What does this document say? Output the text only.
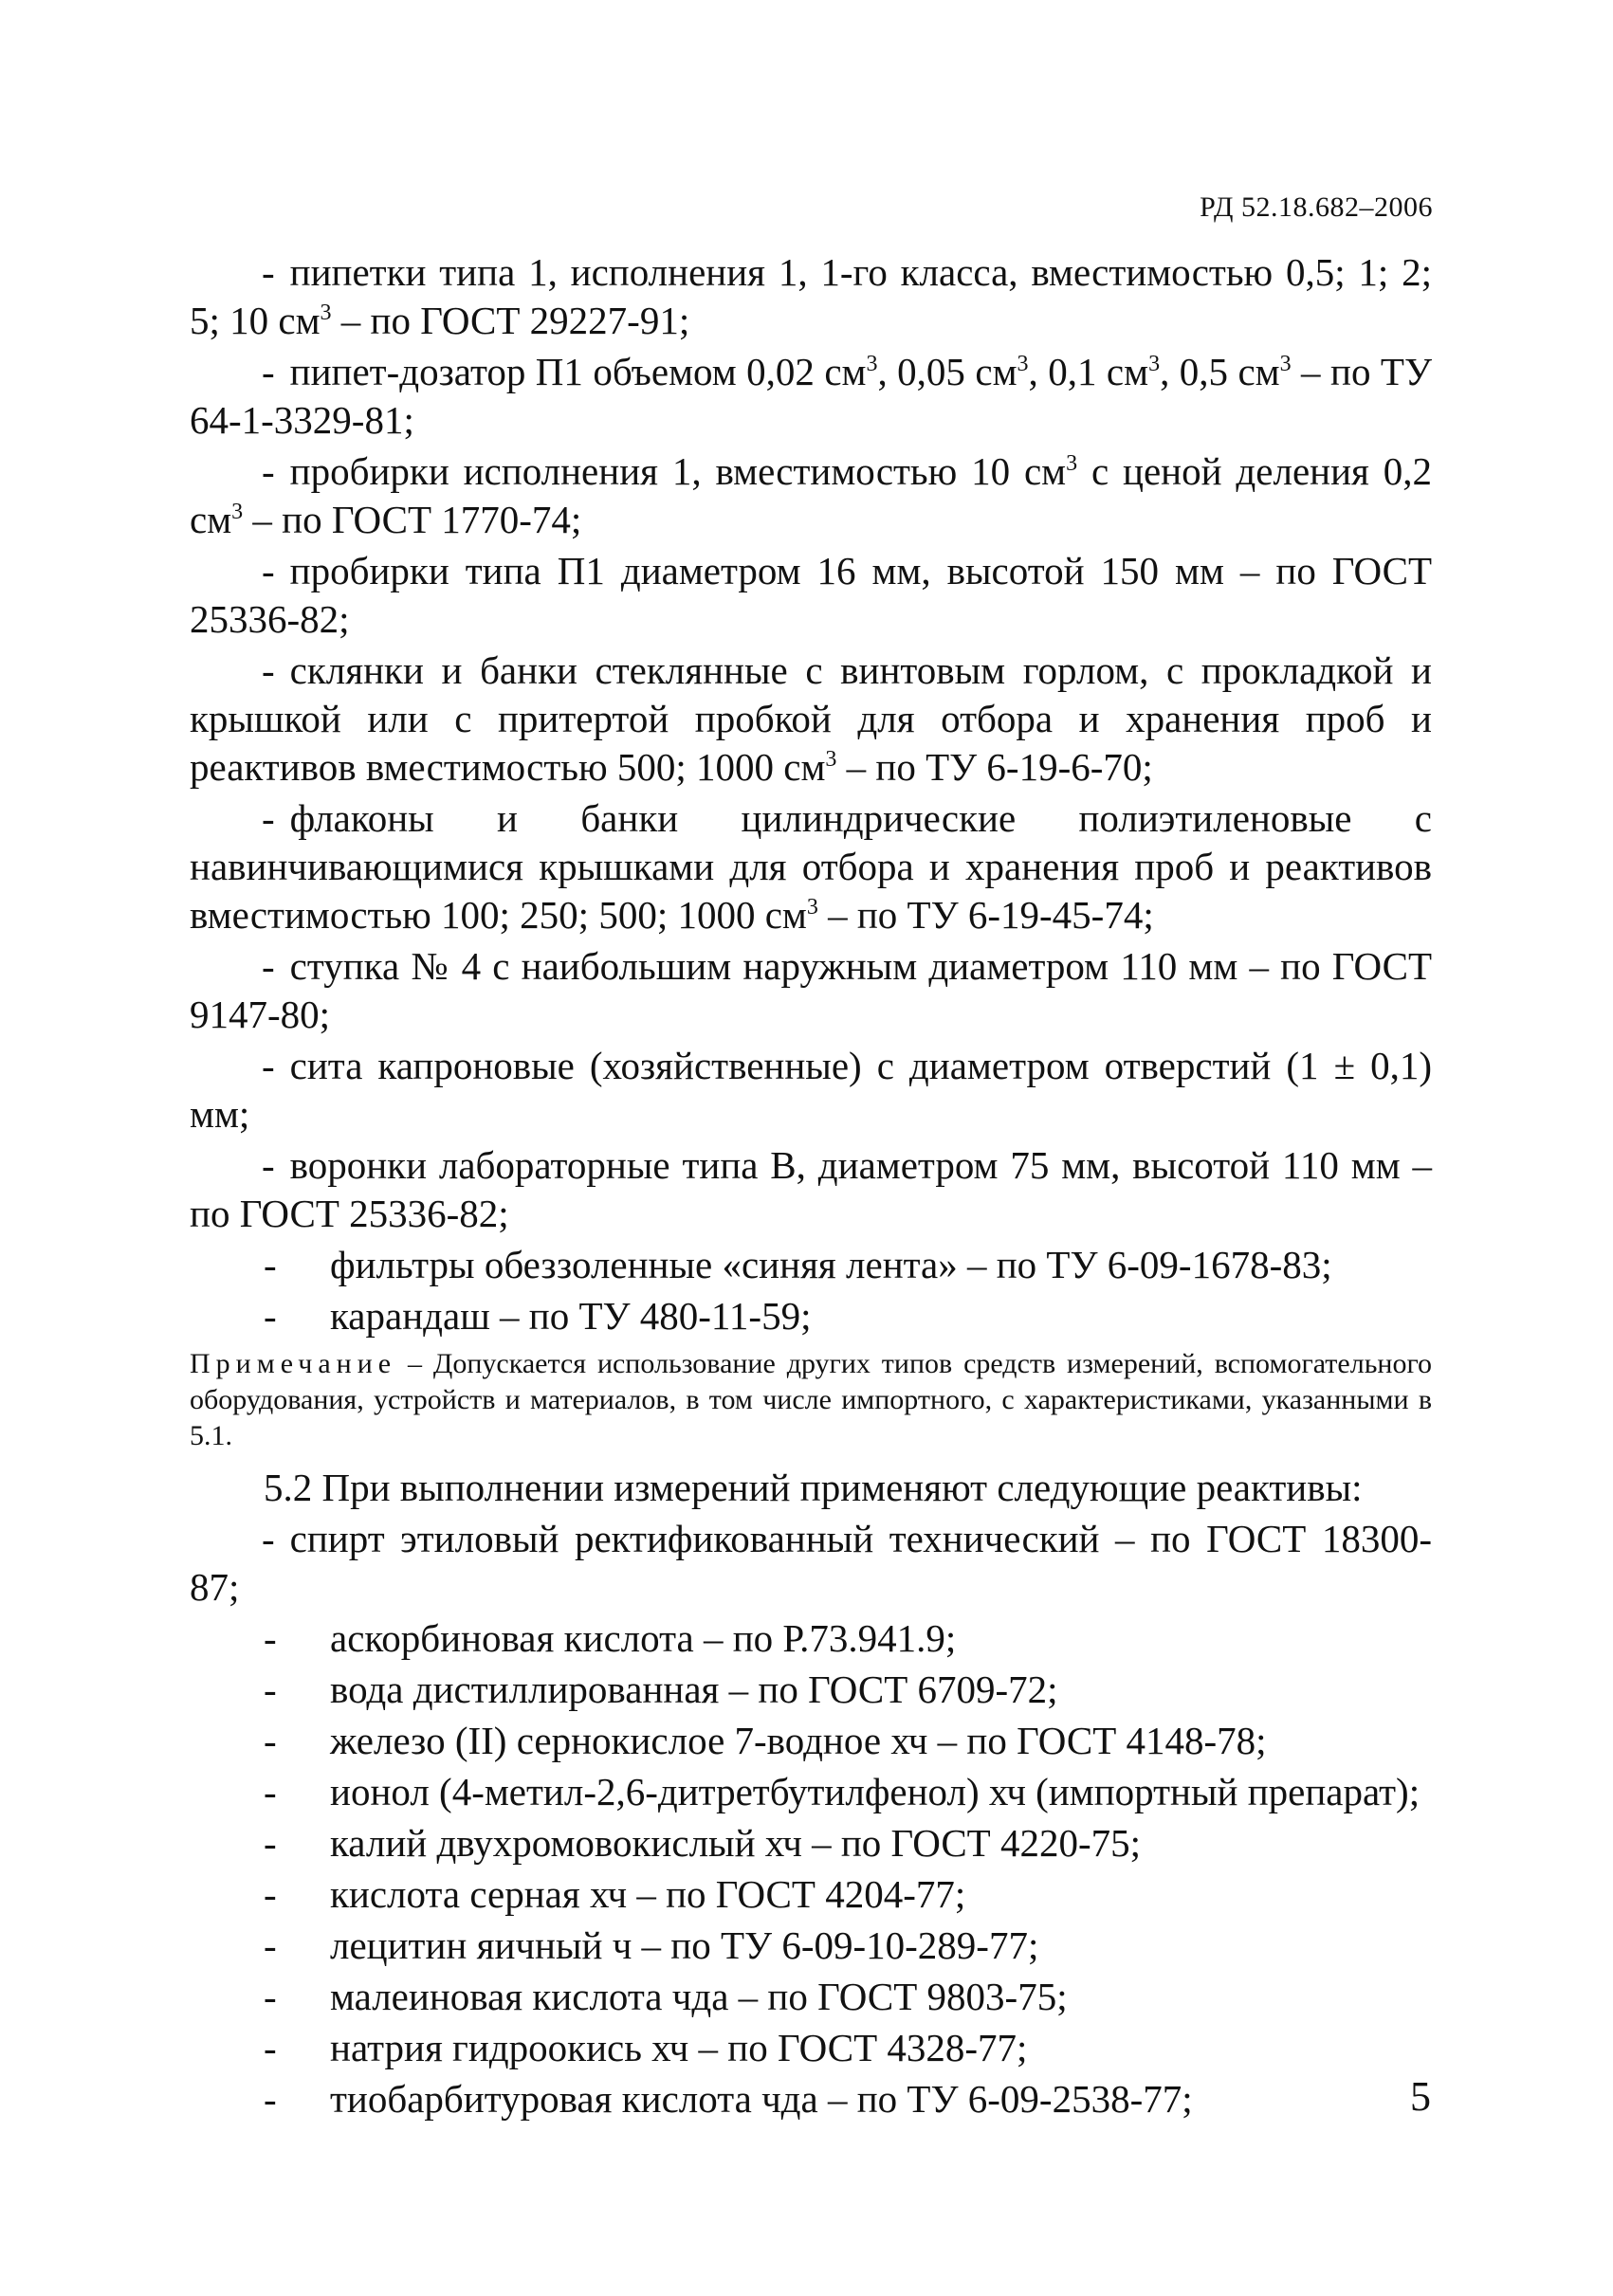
РД 52.18.682–2006
- пипетки типа 1, исполнения 1, 1-го класса, вместимостью 0,5; 1; 2; 5; 10 $см^3$ – по ГОСТ 29227-91;
- пипет-дозатор П1 объемом 0,02 $см^3$, 0,05 $см^3$, 0,1 $см^3$, 0,5 $см^3$ – по ТУ 64-1-3329-81;
- пробирки исполнения 1, вместимостью 10 $см^3$ с ценой деления 0,2 $см^3$ – по ГОСТ 1770-74;
- пробирки типа П1 диаметром 16 мм, высотой 150 мм – по ГОСТ 25336-82;
- склянки и банки стеклянные с винтовым горлом, с прокладкой и крышкой или с притертой пробкой для отбора и хранения проб и реактивов вместимостью 500; 1000 $см^3$ – по ТУ 6-19-6-70;
- флаконы и банки цилиндрические полиэтиленовые с навинчивающимися крышками для отбора и хранения проб и реактивов вместимостью 100; 250; 500; 1000 $см^3$ – по ТУ 6-19-45-74;
- ступка № 4 с наибольшим наружным диаметром 110 мм – по ГОСТ 9147-80;
- сита капроновые (хозяйственные) с диаметром отверстий (1 ± 0,1) мм;
- воронки лабораторные типа В, диаметром 75 мм, высотой 110 мм – по ГОСТ 25336-82;
-	фильтры обеззоленные «синяя лента» – по ТУ 6-09-1678-83;
-	карандаш – по ТУ 480-11-59;
Примечание – Допускается использование других типов средств измерений, вспомогательного оборудования, устройств и материалов, в том числе импортного, с характеристиками, указанными в 5.1.
5.2 При выполнении измерений применяют следующие реактивы:
- спирт этиловый ректификованный технический – по ГОСТ 18300-87;
-	аскорбиновая кислота – по Р.73.941.9;
-	вода дистиллированная – по ГОСТ 6709-72;
-	железо (II) сернокислое 7-водное хч – по ГОСТ 4148-78;
-	ионол (4-метил-2,6-дитретбутилфенол) хч (импортный препарат);
-	калий двухромовокислый хч – по ГОСТ 4220-75;
-	кислота серная хч – по ГОСТ 4204-77;
-	лецитин яичный ч – по ТУ 6-09-10-289-77;
-	малеиновая кислота чда – по ГОСТ 9803-75;
-	натрия гидроокись хч – по ГОСТ 4328-77;
-	тиобарбитуровая кислота чда – по ТУ 6-09-2538-77;	5
